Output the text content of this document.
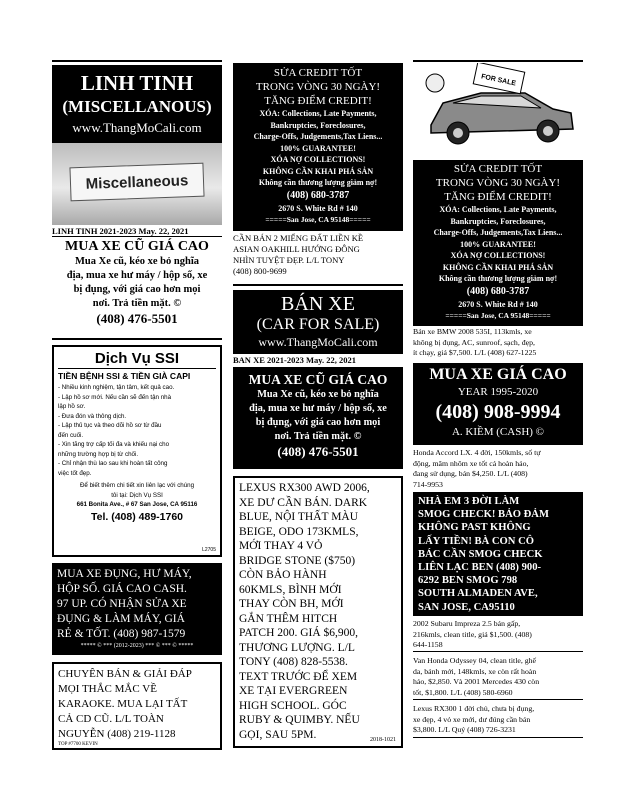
LINH TINH
(MISCELLANOUS)
www.ThangMoCali.com
Miscellaneous
LINH TINH 2021-2023 May. 22, 2021
MUA XE CŨ GIÁ CAO
Mua Xe cũ, kéo xe bỏ nghĩa
địa, mua xe hư máy / hộp số, xe
bị đụng, với giá cao hơn mọi
nơi. Trả tiền mặt. ©
(408) 476-5501
Dịch Vụ SSI
TIỀN BỆNH SSI & TIỀN GIÀ CAPI
- Nhiều kinh nghiệm, tận tâm, kết quả cao.
- Lập hồ sơ mới. Nếu cần sẽ đến tận nhà
lập hồ sơ.
- Đưa đón và thông dịch.
- Lập thủ tục và theo dõi hồ sơ từ đầu
đến cuối.
- Xin tăng trợ cấp tối đa và khiếu nại cho
những trường hợp bị từ chối.
- Chỉ nhận thù lao sau khi hoàn tất công
việc tốt đẹp.
Để biết thêm chi tiết xin liên lạc với chúng
tôi tại: Dịch Vụ SSI
661 Bonita Ave., # 67 San Jose, CA 95116
Tel. (408) 489-1760
L2705
MUA XE ĐỤNG, HƯ MÁY,
HỘP SỐ. GIÁ CAO CASH.
97 UP. CÓ NHẬN SỬA XE
ĐỤNG & LÀM MÁY, GIÁ
RẺ & TỐT. (408) 987-1579
***** © *** (2012-2023) *** © *** © *****
CHUYÊN BÁN & GIẢI ĐÁP
MỌI THẮC MẮC VỀ
KARAOKE. MUA LẠI TẤT
CẢ CD CŨ. L/L TOÀN
NGUYỄN (408) 219-1128
TOP #7700 KEVIN
SỬA CREDIT TỐT
TRONG VÒNG 30 NGÀY!
TĂNG ĐIỂM CREDIT!
XÓA: Collections, Late Payments,
Bankruptcies, Foreclosures,
Charge-Offs, Judgements,Tax Liens...
100% GUARANTEE!
XÓA NỢ COLLECTIONS!
KHÔNG CẦN KHAI PHÁ SẢN
Không cần thương lượng giảm nợ!
(408) 680-3787
2670 S. White Rd # 140
=====San Jose, CA 95148=====
CẦN BÁN 2 MIẾNG ĐẤT LIỀN KỀ
ASIAN OAKHILL HƯỚNG ĐÔNG
NHÌN TUYỆT ĐẸP. L/L TONY
(408) 800-9699
BÁN XE
(CAR FOR SALE)
www.ThangMoCali.com
BAN XE 2021-2023 May. 22, 2021
MUA XE CŨ GIÁ CAO
Mua Xe cũ, kéo xe bỏ nghĩa
địa, mua xe hư máy / hộp số, xe
bị đụng, với giá cao hơn mọi
nơi. Trả tiền mặt. ©
(408) 476-5501
LEXUS RX300 AWD 2006,
XE DƯ CẦN BÁN. DARK
BLUE, NỘI THẤT MÀU
BEIGE, ODO 173KMLS,
MỚI THAY 4 VỎ
BRIDGE STONE ($750)
CÒN BẢO HÀNH
60KMLS, BÌNH MỚI
THAY CÒN BH, MỚI
GẮN THÊM HITCH
PATCH 200. GIÁ $6,900,
THƯƠNG LƯỢNG. L/L
TONY (408) 828-5538.
TEXT TRƯỚC ĐỂ XEM
XE TẠI EVERGREEN
HIGH SCHOOL. GÓC
RUBY & QUIMBY. NẾU
GỌI, SAU 5PM.	2018-1021
FOR SALE
SỬA CREDIT TỐT
TRONG VÒNG 30 NGÀY!
TĂNG ĐIỂM CREDIT!
XÓA: Collections, Late Payments,
Bankruptcies, Foreclosures,
Charge-Offs, Judgements,Tax Liens...
100% GUARANTEE!
XÓA NỢ COLLECTIONS!
KHÔNG CẦN KHAI PHÁ SẢN
Không cần thương lượng giảm nợ!
(408) 680-3787
2670 S. White Rd # 140
=====San Jose, CA 95148=====
Bán xe BMW 2008 535I, 113kmls, xe
không bị đụng, AC, sunroof, sạch, đẹp,
ít chạy, giá $7,500. L/L (408) 627-1225
MUA XE GIÁ CAO
YEAR 1995-2020
(408) 908-9994
A. KIỀM (CASH) ©
Honda Accord LX. 4 đời, 150kmls, số tự
động, mâm nhôm xe tốt cả hoàn hảo,
đang sử dụng, bán $4,250. L/L (408)
714-9953
NHÀ EM 3 ĐỜI LÀM
SMOG CHECK! BẢO ĐẢM
KHÔNG PAST KHÔNG
LẤY TIỀN! BÀ CON CÔ
BÁC CẦN SMOG CHECK
LIÊN LẠC BEN (408) 900-
6292 BEN SMOG 798
SOUTH ALMADEN AVE,
SAN JOSE, CA95110
2002 Subaru Impreza 2.5 bán gấp,
216kmls, clean title, giá $1,500. (408)
644-1158
Van Honda Odyssey 04, clean title, ghế
da, bánh mới, 148kmls, xe còn rất hoàn
hảo, $2,850. Và 2001 Mercedes 430 còn
tốt, $1,800. L/L (408) 580-6960
Lexus RX300 1 đời chủ, chưa bị đụng,
xe đẹp, 4 vỏ xe mới, dư đúng cần bán
$3,800. L/L Quý (408) 726-3231
